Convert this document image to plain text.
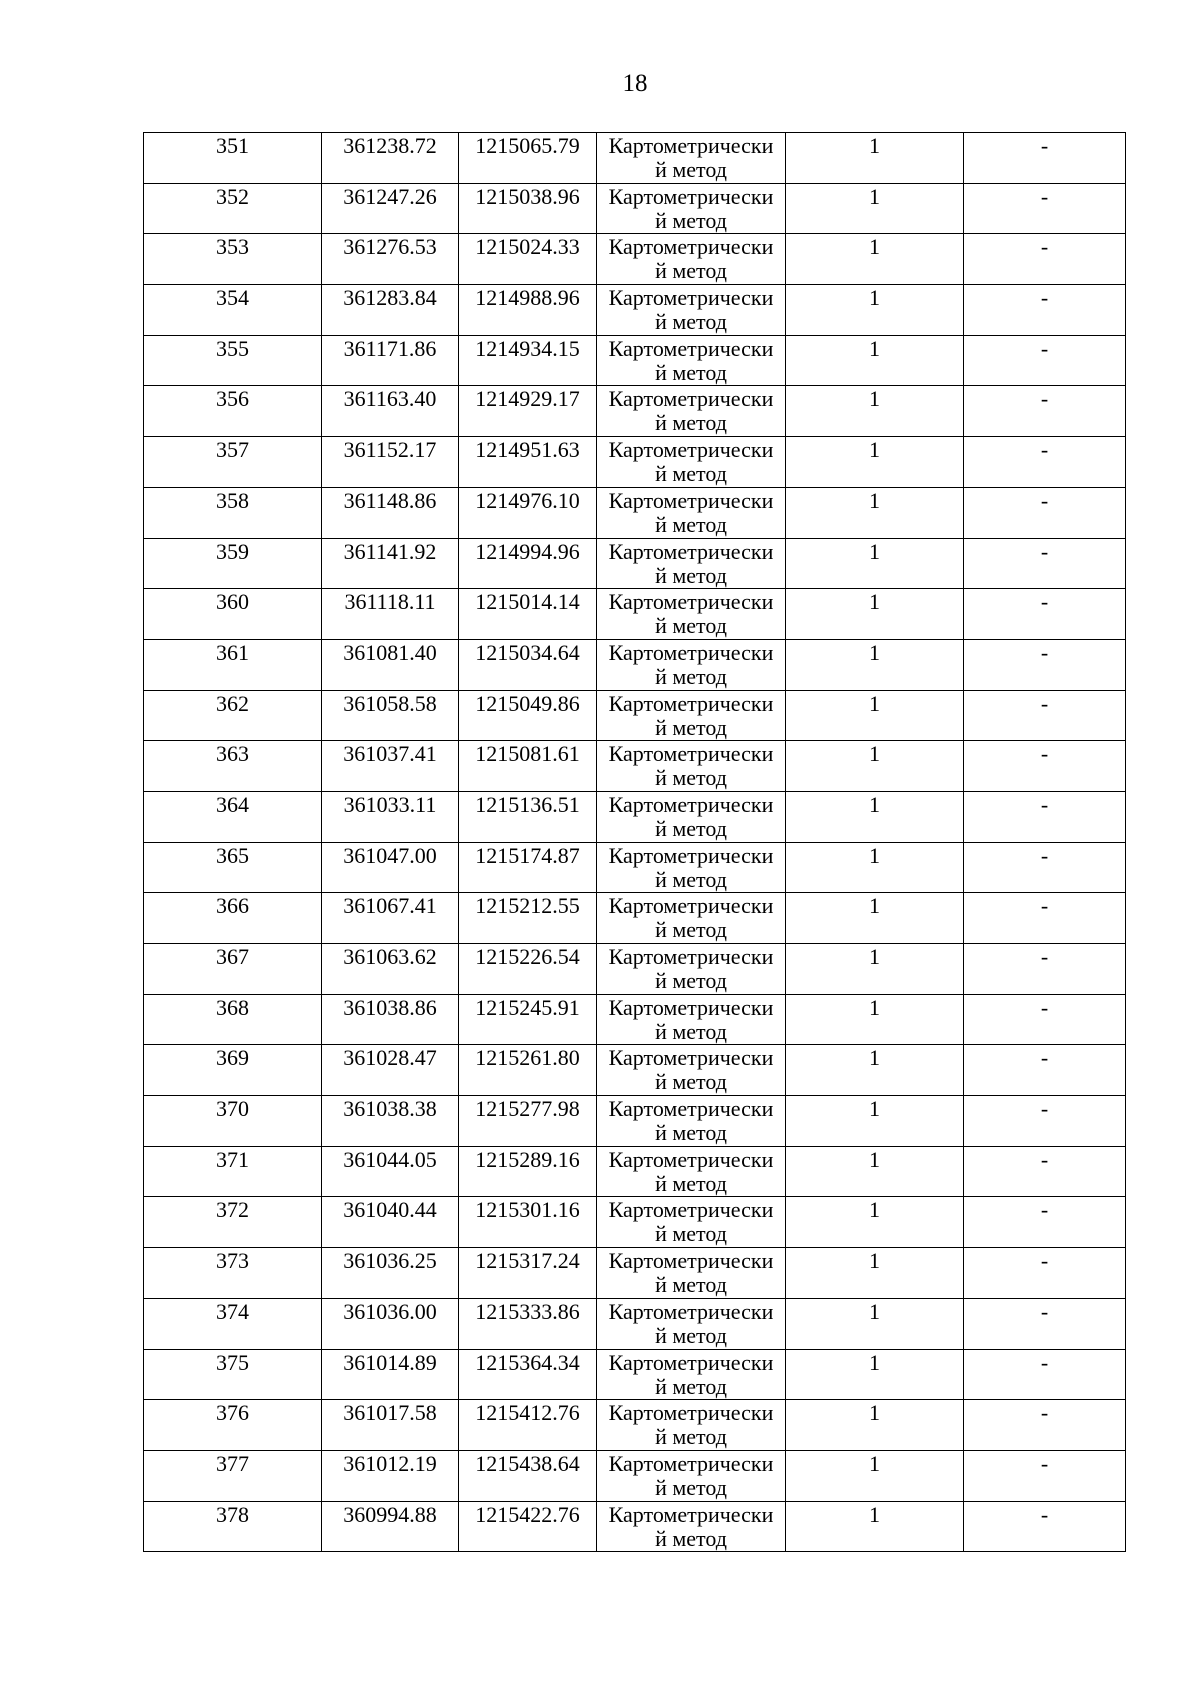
18
351	361238.72	1215065.79	Картометрически
й метод	1	-
352	361247.26	1215038.96	Картометрически
й метод	1	-
353	361276.53	1215024.33	Картометрически
й метод	1	-
354	361283.84	1214988.96	Картометрически
й метод	1	-
355	361171.86	1214934.15	Картометрически
й метод	1	-
356	361163.40	1214929.17	Картометрически
й метод	1	-
357	361152.17	1214951.63	Картометрически
й метод	1	-
358	361148.86	1214976.10	Картометрически
й метод	1	-
359	361141.92	1214994.96	Картометрически
й метод	1	-
360	361118.11	1215014.14	Картометрически
й метод	1	-
361	361081.40	1215034.64	Картометрически
й метод	1	-
362	361058.58	1215049.86	Картометрически
й метод	1	-
363	361037.41	1215081.61	Картометрически
й метод	1	-
364	361033.11	1215136.51	Картометрически
й метод	1	-
365	361047.00	1215174.87	Картометрически
й метод	1	-
366	361067.41	1215212.55	Картометрически
й метод	1	-
367	361063.62	1215226.54	Картометрически
й метод	1	-
368	361038.86	1215245.91	Картометрически
й метод	1	-
369	361028.47	1215261.80	Картометрически
й метод	1	-
370	361038.38	1215277.98	Картометрически
й метод	1	-
371	361044.05	1215289.16	Картометрически
й метод	1	-
372	361040.44	1215301.16	Картометрически
й метод	1	-
373	361036.25	1215317.24	Картометрически
й метод	1	-
374	361036.00	1215333.86	Картометрически
й метод	1	-
375	361014.89	1215364.34	Картометрически
й метод	1	-
376	361017.58	1215412.76	Картометрически
й метод	1	-
377	361012.19	1215438.64	Картометрически
й метод	1	-
378	360994.88	1215422.76	Картометрически
й метод	1	-
